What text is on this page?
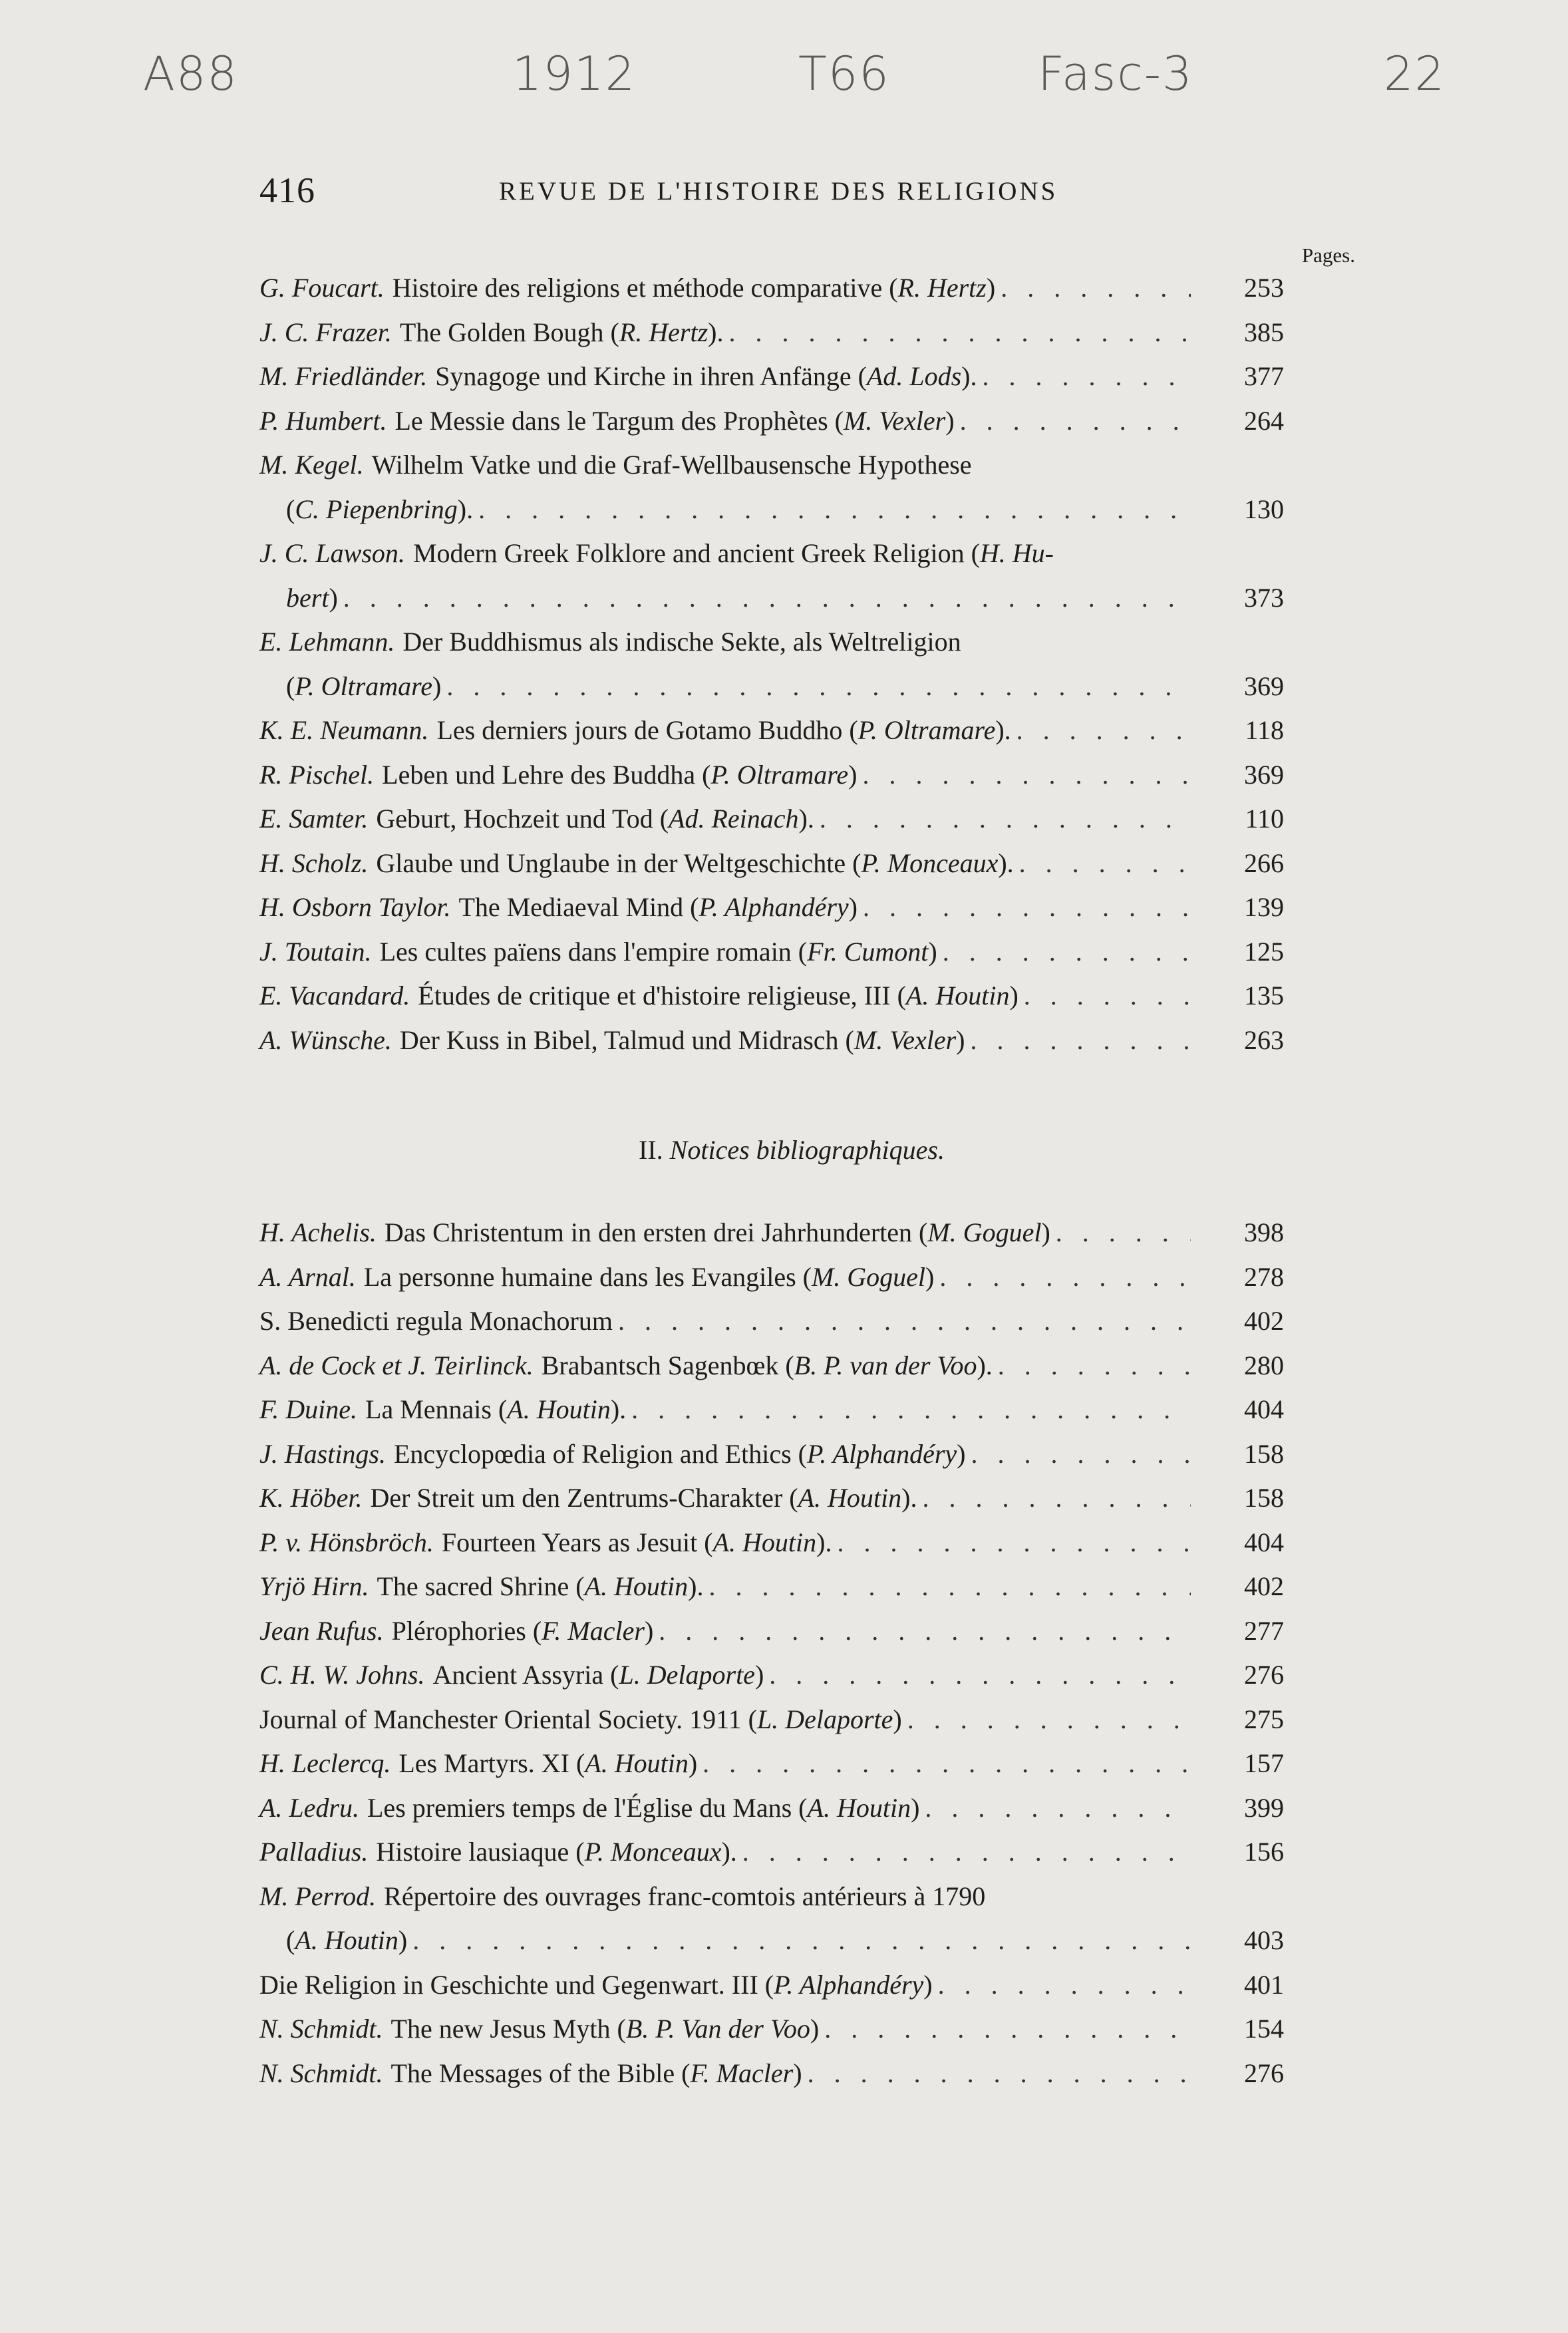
A88	1912	T66	Fasc-3	22
416	REVUE DE L'HISTOIRE DES RELIGIONS
Pages.
G. Foucart. Histoire des religions et méthode comparative ( R. Hertz ) . . .	253
J. C. Frazer. The Golden Bough ( R. Hertz ). . . .	385
M. Friedländer. Synagoge und Kirche in ihren Anfänge ( Ad. Lods ). . . .	377
P. Humbert. Le Messie dans le Targum des Prophètes ( M. Vexler ) . . .	264
M. Kegel. Wilhelm Vatke und die Graf-Wellbausensche Hypothese
( C. Piepenbring ). . . .	130
J. C. Lawson. Modern Greek Folklore and ancient Greek Religion ( H. Hu-
bert ) . . .	373
E. Lehmann. Der Buddhismus als indische Sekte, als Weltreligion
( P. Oltramare ) . . .	369
K. E. Neumann. Les derniers jours de Gotamo Buddho ( P. Oltramare ). . . .	118
R. Pischel. Leben und Lehre des Buddha ( P. Oltramare ) . . .	369
E. Samter. Geburt, Hochzeit und Tod ( Ad. Reinach ). . . .	110
H. Scholz. Glaube und Unglaube in der Weltgeschichte ( P. Monceaux ). . . .	266
H. Osborn Taylor. The Mediaeval Mind ( P. Alphandéry ) . . .	139
J. Toutain. Les cultes païens dans l'empire romain ( Fr. Cumont ) . . .	125
E. Vacandard. Études de critique et d'histoire religieuse, III ( A. Houtin ) . . .	135
A. Wünsche. Der Kuss in Bibel, Talmud und Midrasch ( M. Vexler ) . . .	263

II. Notices bibliographiques.

H. Achelis. Das Christentum in den ersten drei Jahrhunderten ( M. Goguel ) . . .	398
A. Arnal. La personne humaine dans les Evangiles ( M. Goguel ) . . .	278
S. Benedicti regula Monachorum . . .	402
A. de Cock et J. Teirlinck. Brabantsch Sagenbœk ( B. P. van der Voo ). . . .	280
F. Duine. La Mennais ( A. Houtin ). . . .	404
J. Hastings. Encyclopœdia of Religion and Ethics ( P. Alphandéry ) . . .	158
K. Höber. Der Streit um den Zentrums-Charakter ( A. Houtin ). . . .	158
P. v. Hönsbröch. Fourteen Years as Jesuit ( A. Houtin ). . . .	404
Yrjö Hirn. The sacred Shrine ( A. Houtin ). . . .	402
Jean Rufus. Plérophories ( F. Macler ) . . .	277
C. H. W. Johns. Ancient Assyria ( L. Delaporte ) . . .	276
Journal of Manchester Oriental Society. 1911 ( L. Delaporte ) . . .	275
H. Leclercq. Les Martyrs. XI ( A. Houtin ) . . .	157
A. Ledru. Les premiers temps de l'Église du Mans ( A. Houtin ) . . .	399
Palladius. Histoire lausiaque ( P. Monceaux ). . . .	156
M. Perrod. Répertoire des ouvrages franc-comtois antérieurs à 1790
( A. Houtin ) . . .	403
Die Religion in Geschichte und Gegenwart. III ( P. Alphandéry ) . . .	401
N. Schmidt. The new Jesus Myth ( B. P. Van der Voo ) . . .	154
N. Schmidt. The Messages of the Bible ( F. Macler ) . . .	276
